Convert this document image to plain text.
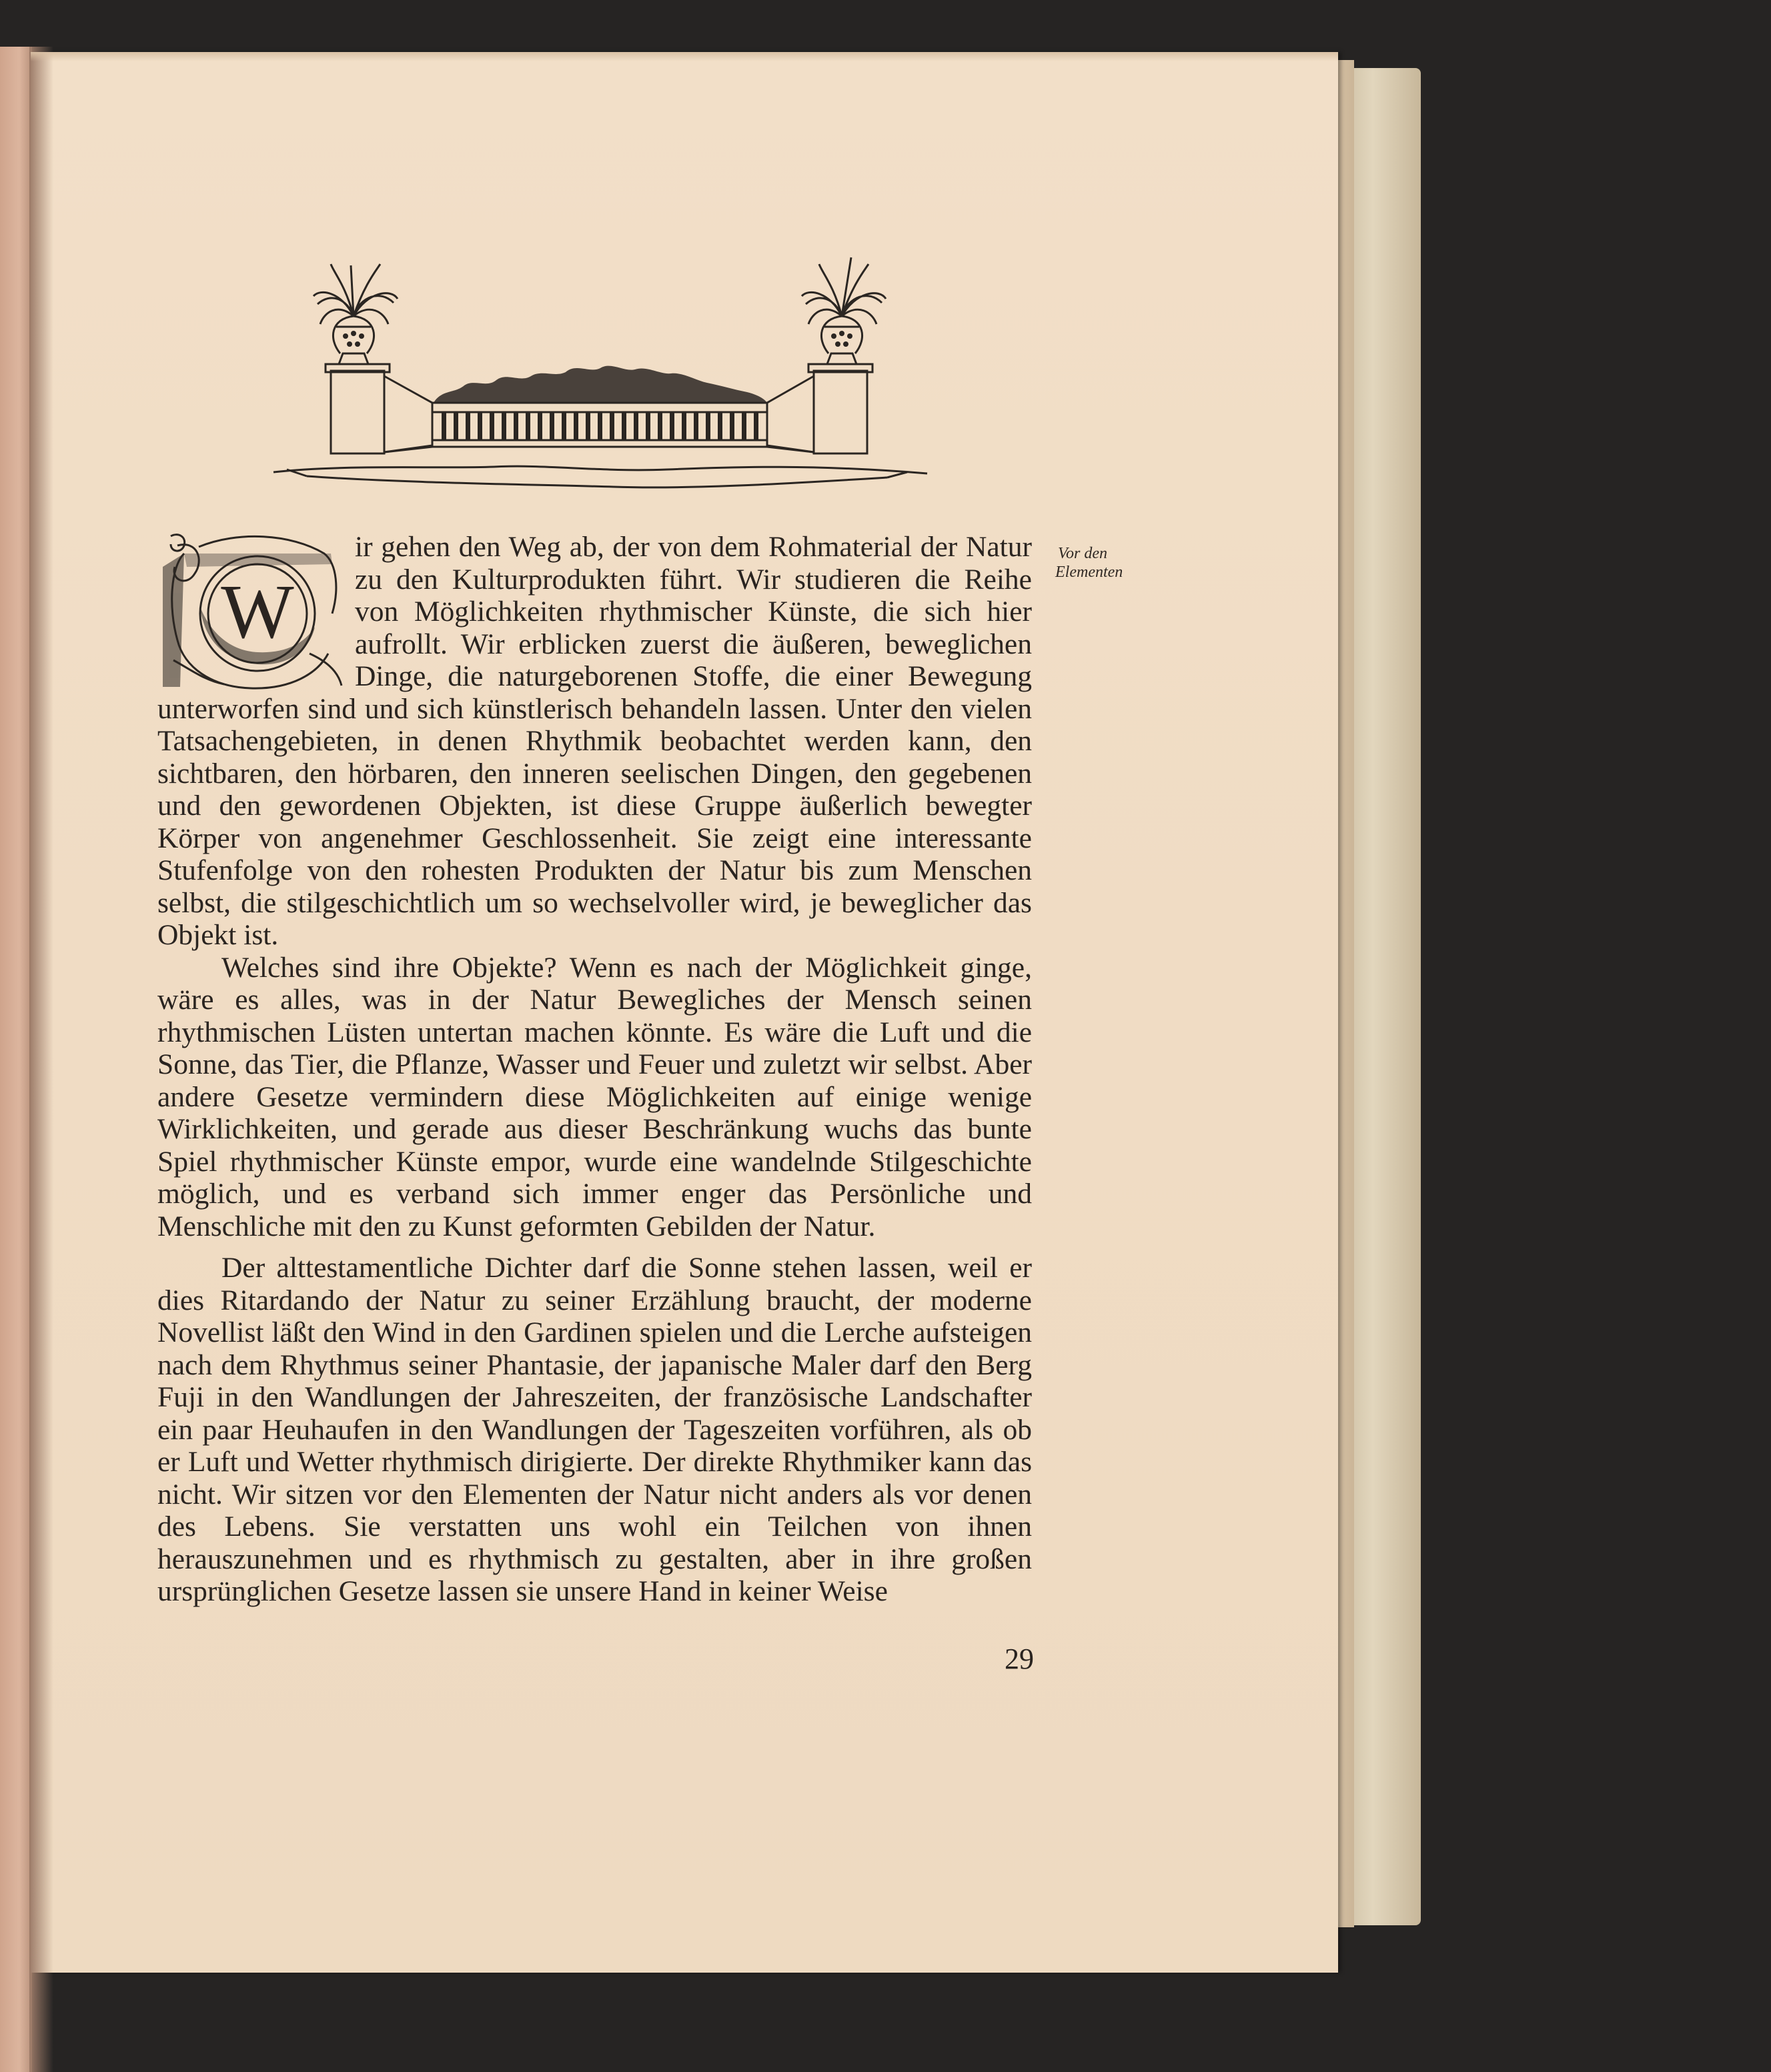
W
Vor den
Elementen

ir gehen den Weg ab, der von dem Rohmaterial der Natur zu den Kulturprodukten führt. Wir studieren die Reihe von Möglichkeiten rhythmischer Künste, die sich hier aufrollt. Wir erblicken zuerst die äußeren, beweglichen Dinge, die naturgeborenen Stoffe, die einer Bewegung unterworfen sind und sich künstlerisch behandeln lassen. Unter den vielen Tatsachengebieten, in denen Rhythmik beobachtet werden kann, den sichtbaren, den hörbaren, den inneren seelischen Dingen, den gegebenen und den gewordenen Objekten, ist diese Gruppe äußerlich bewegter Körper von angenehmer Geschlossenheit. Sie zeigt eine interessante Stufenfolge von den rohesten Produkten der Natur bis zum Menschen selbst, die stilgeschichtlich um so wechselvoller wird, je beweglicher das Objekt ist.

Welches sind ihre Objekte? Wenn es nach der Möglichkeit ginge, wäre es alles, was in der Natur Bewegliches der Mensch seinen rhythmischen Lüsten untertan machen könnte. Es wäre die Luft und die Sonne, das Tier, die Pflanze, Wasser und Feuer und zuletzt wir selbst. Aber andere Gesetze vermindern diese Möglichkeiten auf einige wenige Wirklichkeiten, und gerade aus dieser Beschränkung wuchs das bunte Spiel rhythmischer Künste empor, wurde eine wandelnde Stilgeschichte möglich, und es verband sich immer enger das Persönliche und Menschliche mit den zu Kunst geformten Gebilden der Natur.

Der alttestamentliche Dichter darf die Sonne stehen lassen, weil er dies Ritardando der Natur zu seiner Erzählung braucht, der moderne Novellist läßt den Wind in den Gardinen spielen und die Lerche aufsteigen nach dem Rhythmus seiner Phantasie, der japanische Maler darf den Berg Fuji in den Wandlungen der Jahreszeiten, der französische Landschafter ein paar Heuhaufen in den Wandlungen der Tageszeiten vorführen, als ob er Luft und Wetter rhythmisch dirigierte. Der direkte Rhythmiker kann das nicht. Wir sitzen vor den Elementen der Natur nicht anders als vor denen des Lebens. Sie verstatten uns wohl ein Teilchen von ihnen herauszunehmen und es rhythmisch zu gestalten, aber in ihre großen ursprünglichen Gesetze lassen sie unsere Hand in keiner Weise

29
